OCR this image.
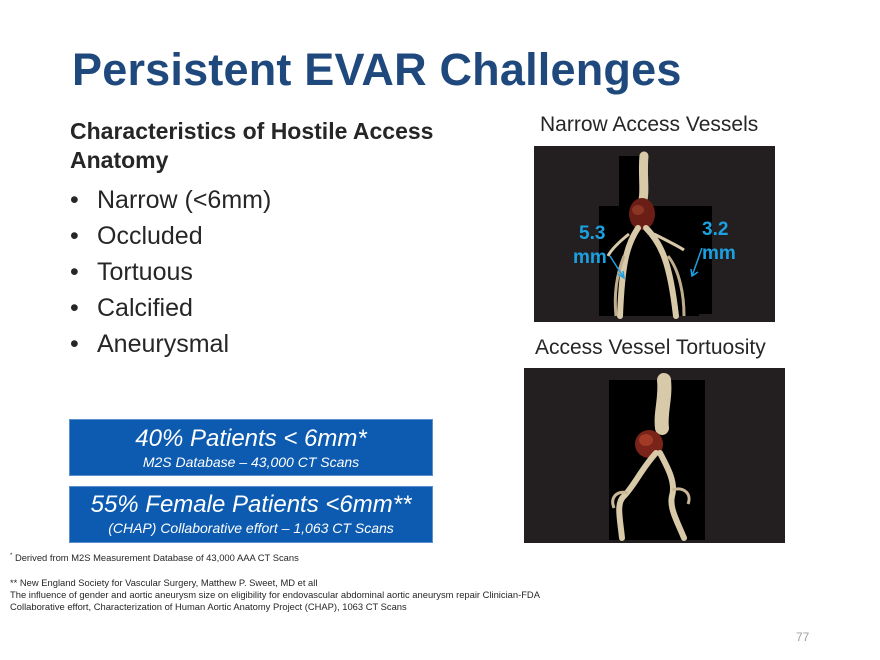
Persistent EVAR Challenges
Characteristics of Hostile Access Anatomy
• Narrow (<6mm)
• Occluded
• Tortuous
• Calcified
• Aneurysmal
40% Patients < 6mm*
M2S Database – 43,000 CT Scans
55% Female Patients <6mm**
(CHAP) Collaborative effort – 1,063 CT Scans
Narrow Access Vessels
5.3
mm
3.2
mm
Access Vessel Tortuosity
* Derived from M2S Measurement Database of 43,000 AAA CT Scans
** New England Society for Vascular Surgery, Matthew P. Sweet, MD et all
The influence of gender and aortic aneurysm size on eligibility for endovascular abdominal aortic aneurysm repair Clinician-FDA
Collaborative effort, Characterization of Human Aortic Anatomy Project (CHAP), 1063 CT Scans
77
